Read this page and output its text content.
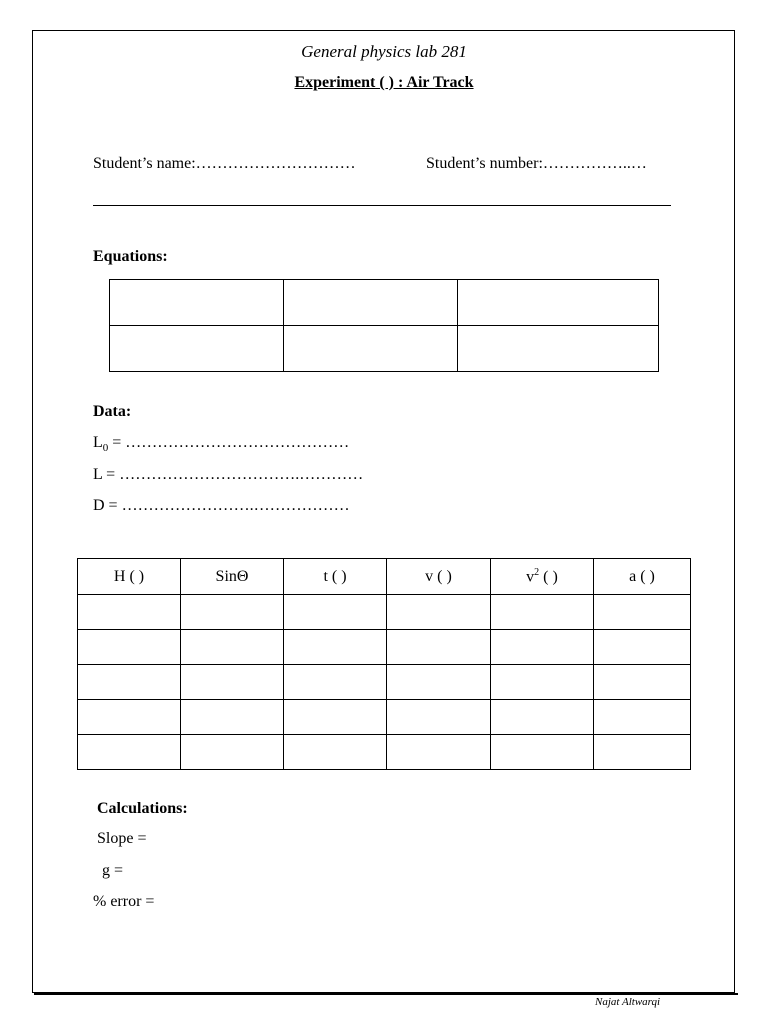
General physics lab 281
Experiment ( ) : Air Track
Student’s name:…………………………	Student’s number:……………..…
Equations:

Data:
$L_0$ = ……………………………………
L = …………………………….…………
D = …………………….………………
H ( )	SinΘ	t ( )	v ( )	$v^2$ ( )	a ( )

Calculations:
Slope =
g =
% error =
Najat Altwarqi
